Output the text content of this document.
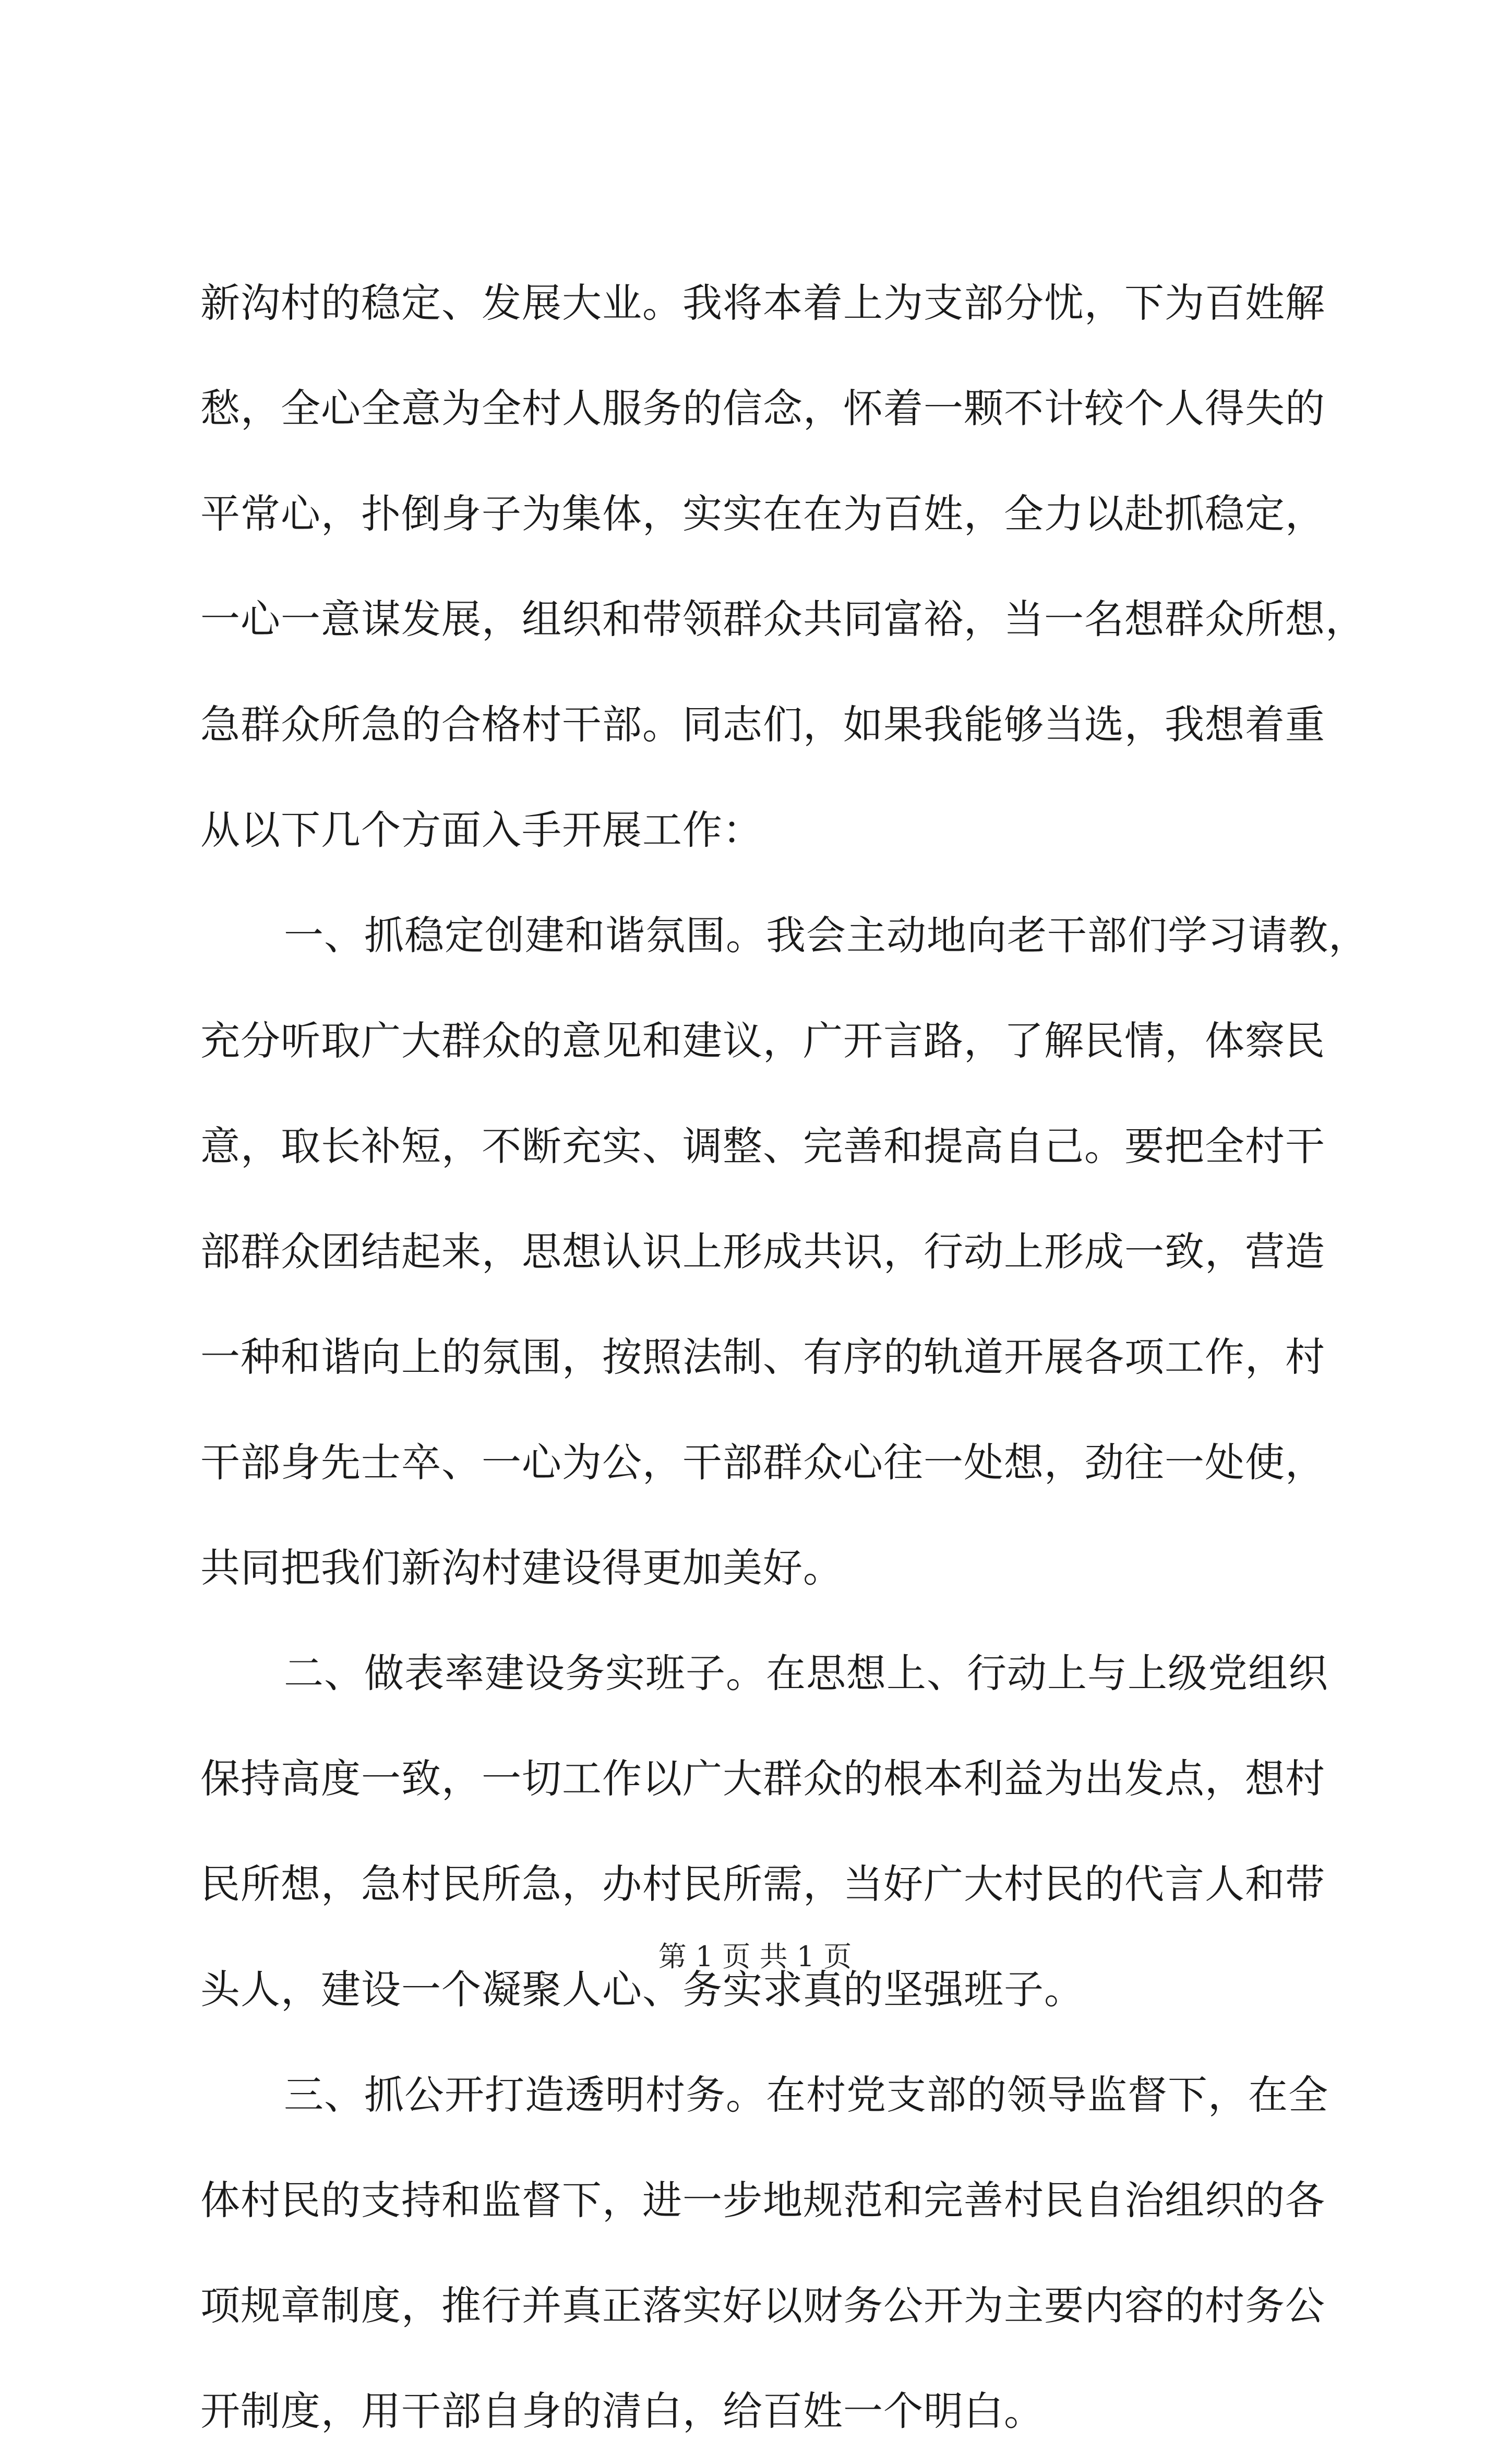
新沟村的稳定、发展大业。我将本着上为支部分忧，下为百姓解
愁，全心全意为全村人服务的信念，怀着一颗不计较个人得失的
平常心，扑倒身子为集体，实实在在为百姓，全力以赴抓稳定，
一心一意谋发展，组织和带领群众共同富裕，当一名想群众所想，
急群众所急的合格村干部。同志们，如果我能够当选，我想着重
从以下几个方面入手开展工作：
一、抓稳定创建和谐氛围。我会主动地向老干部们学习请教，
充分听取广大群众的意见和建议，广开言路，了解民情，体察民
意，取长补短，不断充实、调整、完善和提高自己。要把全村干
部群众团结起来，思想认识上形成共识，行动上形成一致，营造
一种和谐向上的氛围，按照法制、有序的轨道开展各项工作，村
干部身先士卒、一心为公，干部群众心往一处想，劲往一处使，
共同把我们新沟村建设得更加美好。
二、做表率建设务实班子。在思想上、行动上与上级党组织
保持高度一致，一切工作以广大群众的根本利益为出发点，想村
民所想，急村民所急，办村民所需，当好广大村民的代言人和带
头人，建设一个凝聚人心、务实求真的坚强班子。
三、抓公开打造透明村务。在村党支部的领导监督下，在全
体村民的支持和监督下，进一步地规范和完善村民自治组织的各
项规章制度，推行并真正落实好以财务公开为主要内容的村务公
开制度，用干部自身的清白，给百姓一个明白。
第 1 页 共 1 页
